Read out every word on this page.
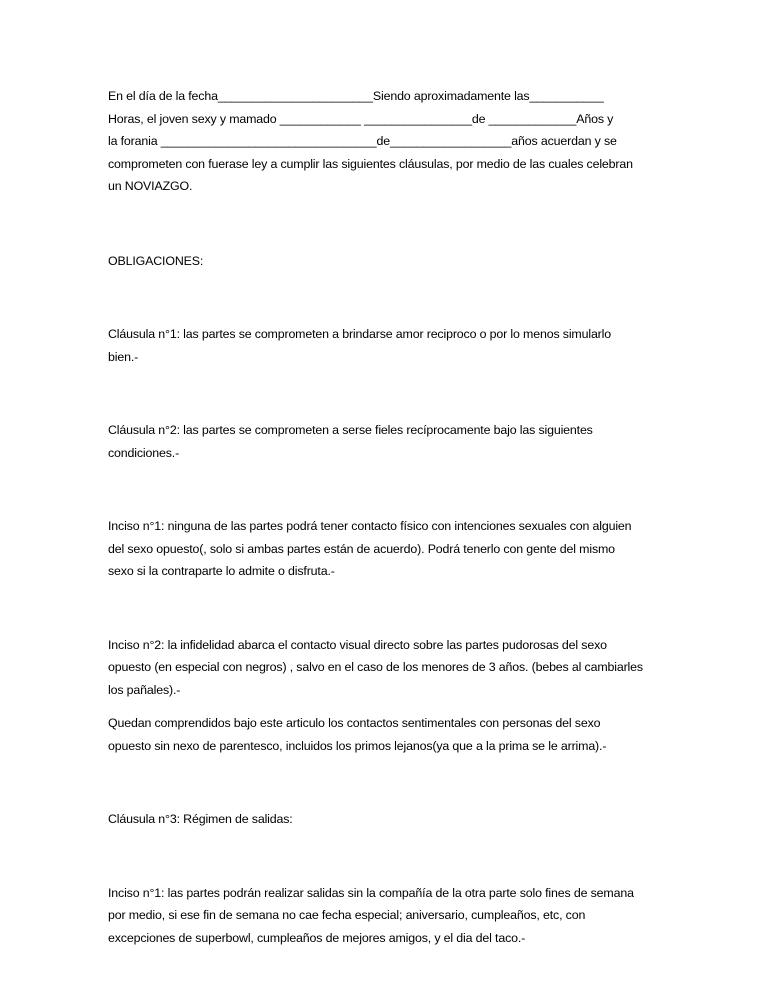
En el día de la fecha_______________________Siendo aproximadamente las___________
Horas, el joven sexy y mamado ____________ ________________de _____________Años y
la forania ________________________________de__________________años acuerdan y se
comprometen con fuerase ley a cumplir las siguientes cláusulas, por medio de las cuales celebran
un NOVIAZGO.

OBLIGACIONES:

Cláusula n°1: las partes se comprometen a brindarse amor reciproco o por lo menos simularlo
bien.-

Cláusula n°2: las partes se comprometen a serse fieles recíprocamente bajo las siguientes
condiciones.-

Inciso n°1: ninguna de las partes podrá tener contacto físico con intenciones sexuales con alguien
del sexo opuesto(, solo si ambas partes están de acuerdo). Podrá tenerlo con gente del mismo
sexo si la contraparte lo admite o disfruta.-

Inciso n°2: la infidelidad abarca el contacto visual directo sobre las partes pudorosas del sexo
opuesto (en especial con negros) , salvo en el caso de los menores de 3 años. (bebes al cambiarles
los pañales).-

Quedan comprendidos bajo este articulo los contactos sentimentales con personas del sexo
opuesto sin nexo de parentesco, incluidos los primos lejanos(ya que a la prima se le arrima).-

Cláusula n°3: Régimen de salidas:

Inciso n°1: las partes podrán realizar salidas sin la compañía de la otra parte solo fines de semana
por medio, si ese fin de semana no cae fecha especial; aniversario, cumpleaños, etc, con
excepciones de superbowl, cumpleaños de mejores amigos, y el dia del taco.-
